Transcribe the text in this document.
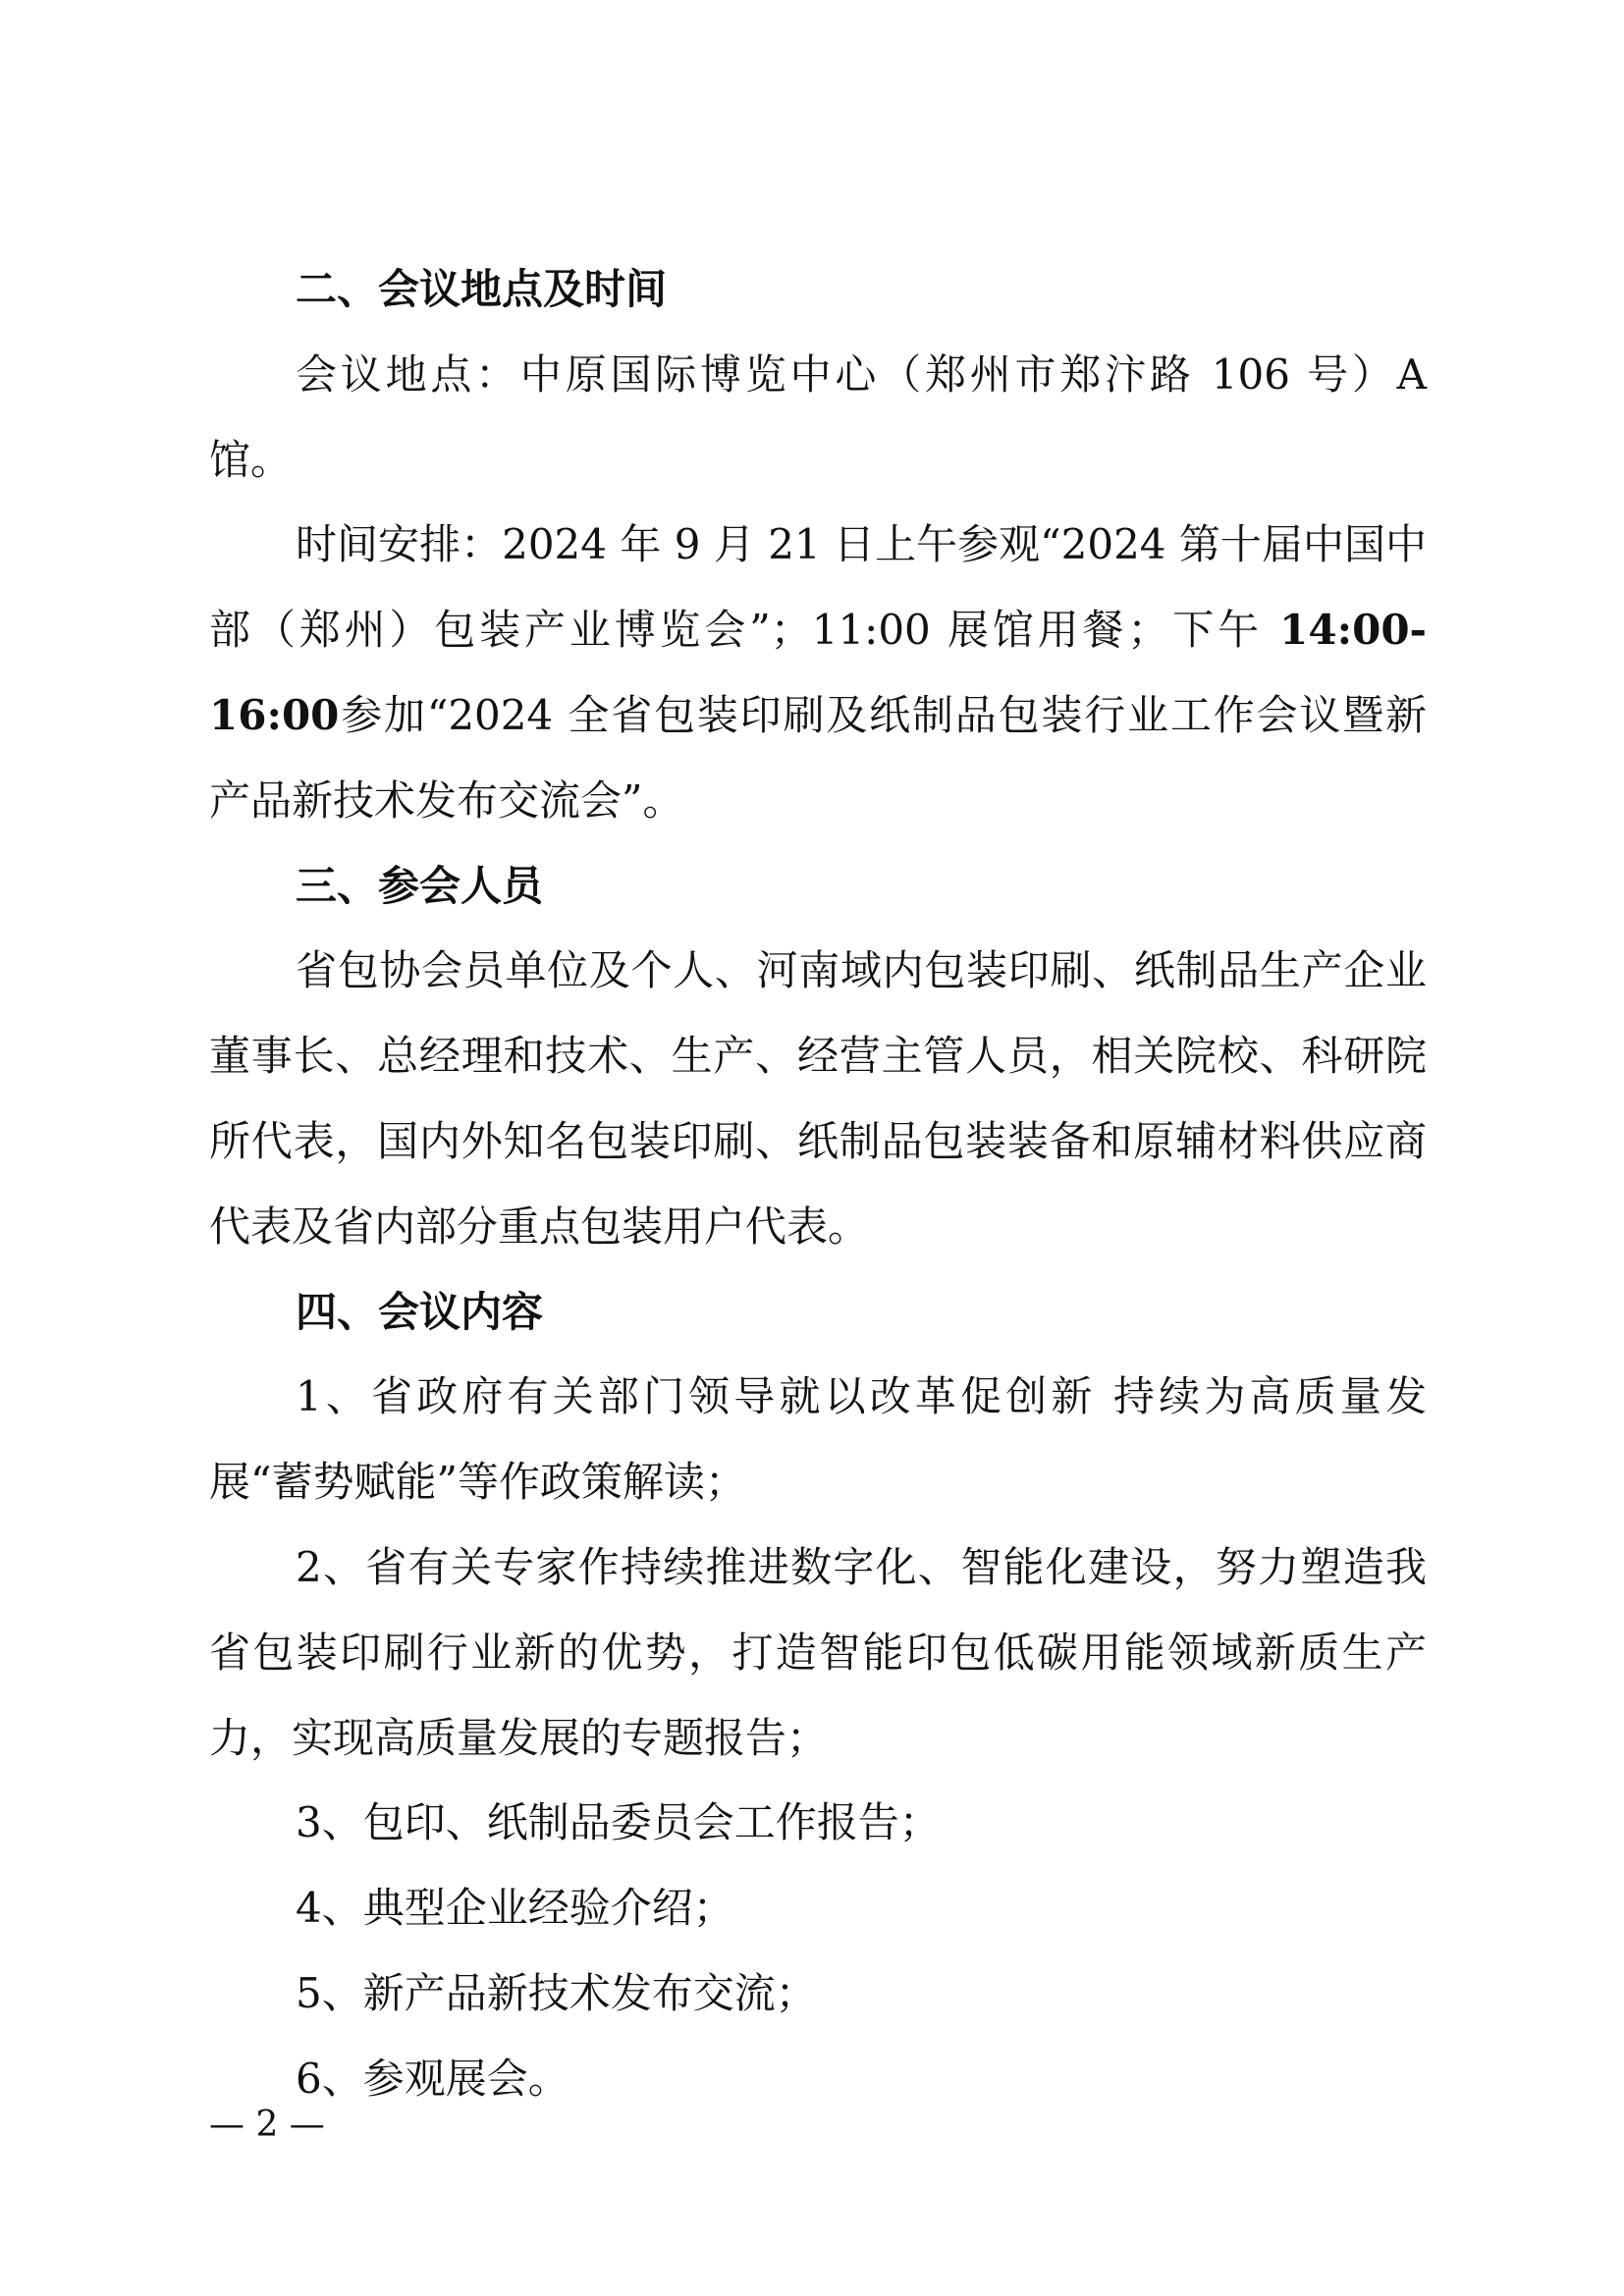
二、会议地点及时间

会议地点：中原国际博览中心（郑州市郑汴路 106 号）A 馆。

时间安排：2024 年 9 月 21 日上午参观“2024 第十届中国中部（郑州）包装产业博览会”；11:00 展馆用餐；下午 14:00-16:00参加“2024 全省包装印刷及纸制品包装行业工作会议暨新产品新技术发布交流会”。

三、参会人员

省包协会员单位及个人、河南域内包装印刷、纸制品生产企业董事长、总经理和技术、生产、经营主管人员，相关院校、科研院所代表，国内外知名包装印刷、纸制品包装装备和原辅材料供应商代表及省内部分重点包装用户代表。

四、会议内容

1、省政府有关部门领导就以改革促创新 持续为高质量发展“蓄势赋能”等作政策解读；

2、省有关专家作持续推进数字化、智能化建设，努力塑造我省包装印刷行业新的优势，打造智能印包低碳用能领域新质生产力，实现高质量发展的专题报告；

3、包印、纸制品委员会工作报告；

4、典型企业经验介绍；

5、新产品新技术发布交流；

6、参观展会。

— 2 —
